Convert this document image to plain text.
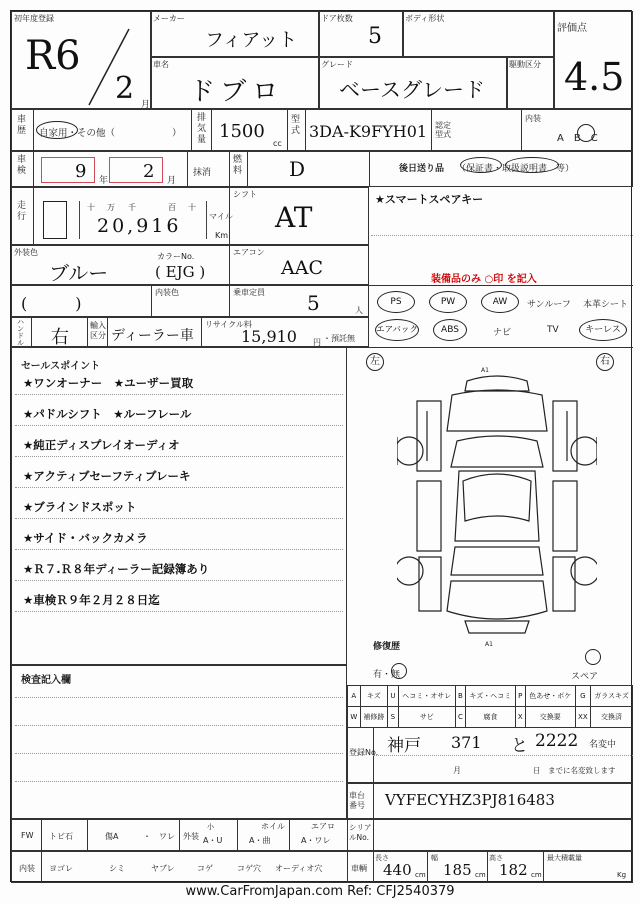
初年度登録
R6
2 月
メーカー
フィアット
ドア枚数
5
ボディ形状
評価点
4.5
車名
ドブロ
グレード
ベースグレード
駆動区分
車歴 自家用・その他（　　　　　　）
排気量 1500
cc
型式 3DA-K9FYH01 認定型式
内装
A　B　C
車検	9 年 2 月
抹消
燃料 D	後日送り品 （保証書・取扱説明書　等）
走行
十 万 千	百 十
マイル
Km
20,916
シフト
AT
★スマートスペアキー
外装色
ブルー
カラーNo.
( EJG )
エアコン
AAC
装備品のみ ○印 を記入
(　　　)
内装色	乗車定員 5	人
PS	PW	AW	サンルーフ 本革シート
エアバック	ABS	ナビ	TV	キーレス
ハンドル 右
輸入区分 ディーラー車
リサイクル料
15,910 円 ・預託無
セールスポイント
★ワンオーナー　★ユーザー買取
★パドルシフト　★ルーフレール
★純正ディスプレイオーディオ
★アクティブセーフティブレーキ
★ブラインドスポット
★サイド・バックカメラ
★Ｒ７.Ｒ８年ディーラー記録簿あり
★車検Ｒ９年２月２８日迄
検査記入欄
左	右
A1
A1
修復歴
有・無	スペア
A	キズ	U	ヘコミ・オサレ	B	キズ・ヘコミ	P	色あせ・ボケ	G	ガラスキズ
W	補修跡	S	サビ	C	腐食	X	交換要	XX	交換済
登録No. 神戸 371 と 2222 名変中
月	日　までに名変致します
車台番号	VYFECYHZ3PJ816483
FW トビ石	傷A	・　ワレ 外装
小
A・U
ホイル
A・曲
エアロ
A・ワレ
シリアルNo.
内装 ヨゴレ	シミ	ヤブレ	コゲ	コゲ穴 オーディオ穴	車輌
長さ
440 cm
幅
185 cm
高さ
182 cm
最大積載量
Kg
www.CarFromJapan.com Ref: CFJ2540379
